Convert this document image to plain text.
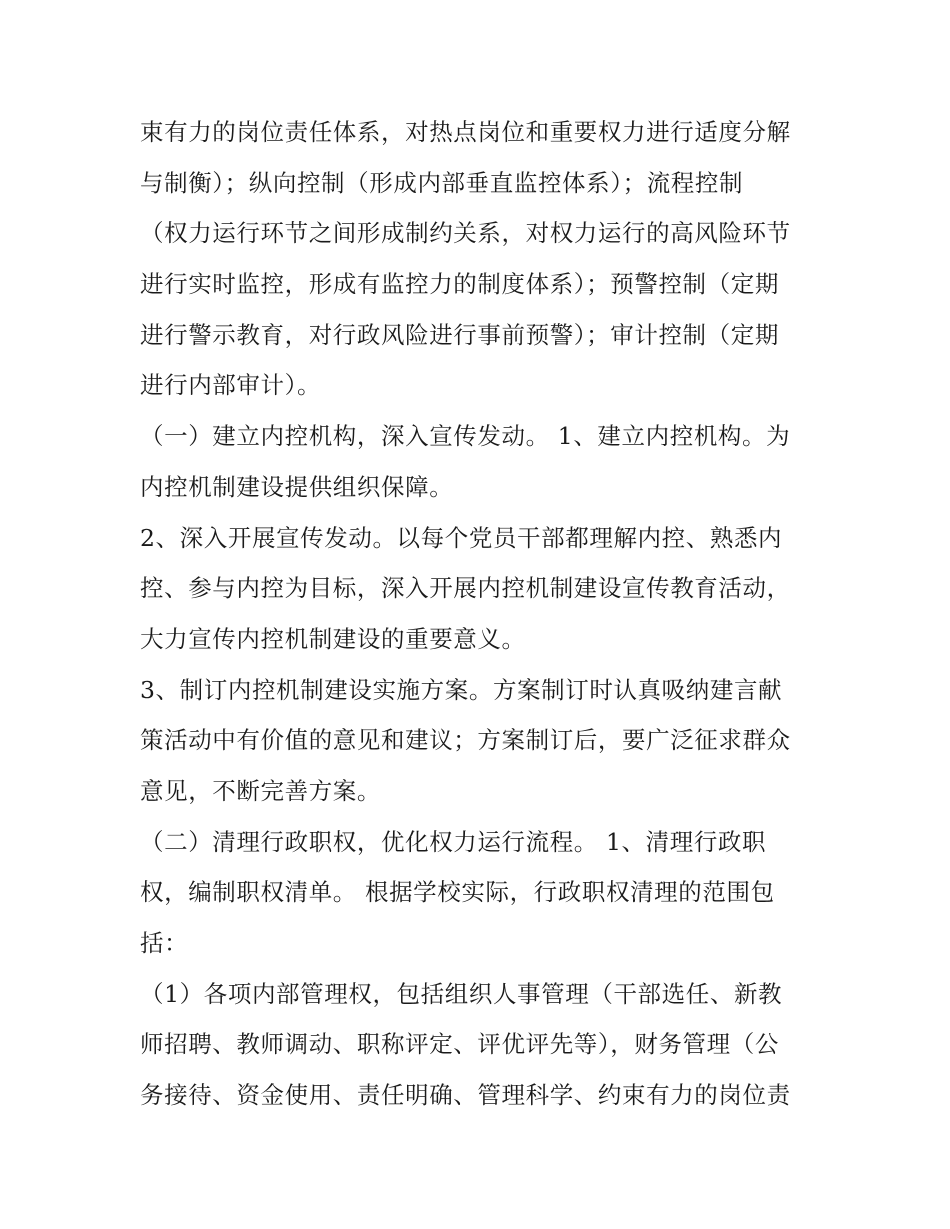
束有力的岗位责任体系，对热点岗位和重要权力进行适度分解
与制衡）；纵向控制（形成内部垂直监控体系）；流程控制
（权力运行环节之间形成制约关系，对权力运行的高风险环节
进行实时监控，形成有监控力的制度体系）；预警控制（定期
进行警示教育，对行政风险进行事前预警）；审计控制（定期
进行内部审计）。
（一）建立内控机构，深入宣传发动。 1、建立内控机构。为
内控机制建设提供组织保障。
2、深入开展宣传发动。以每个党员干部都理解内控、熟悉内
控、参与内控为目标，深入开展内控机制建设宣传教育活动，
大力宣传内控机制建设的重要意义。
3、制订内控机制建设实施方案。方案制订时认真吸纳建言献
策活动中有价值的意见和建议；方案制订后，要广泛征求群众
意见，不断完善方案。
（二）清理行政职权，优化权力运行流程。 1、清理行政职
权，编制职权清单。 根据学校实际，行政职权清理的范围包
括：
（1）各项内部管理权，包括组织人事管理（干部选任、新教
师招聘、教师调动、职称评定、评优评先等），财务管理（公
务接待、资金使用、责任明确、管理科学、约束有力的岗位责
